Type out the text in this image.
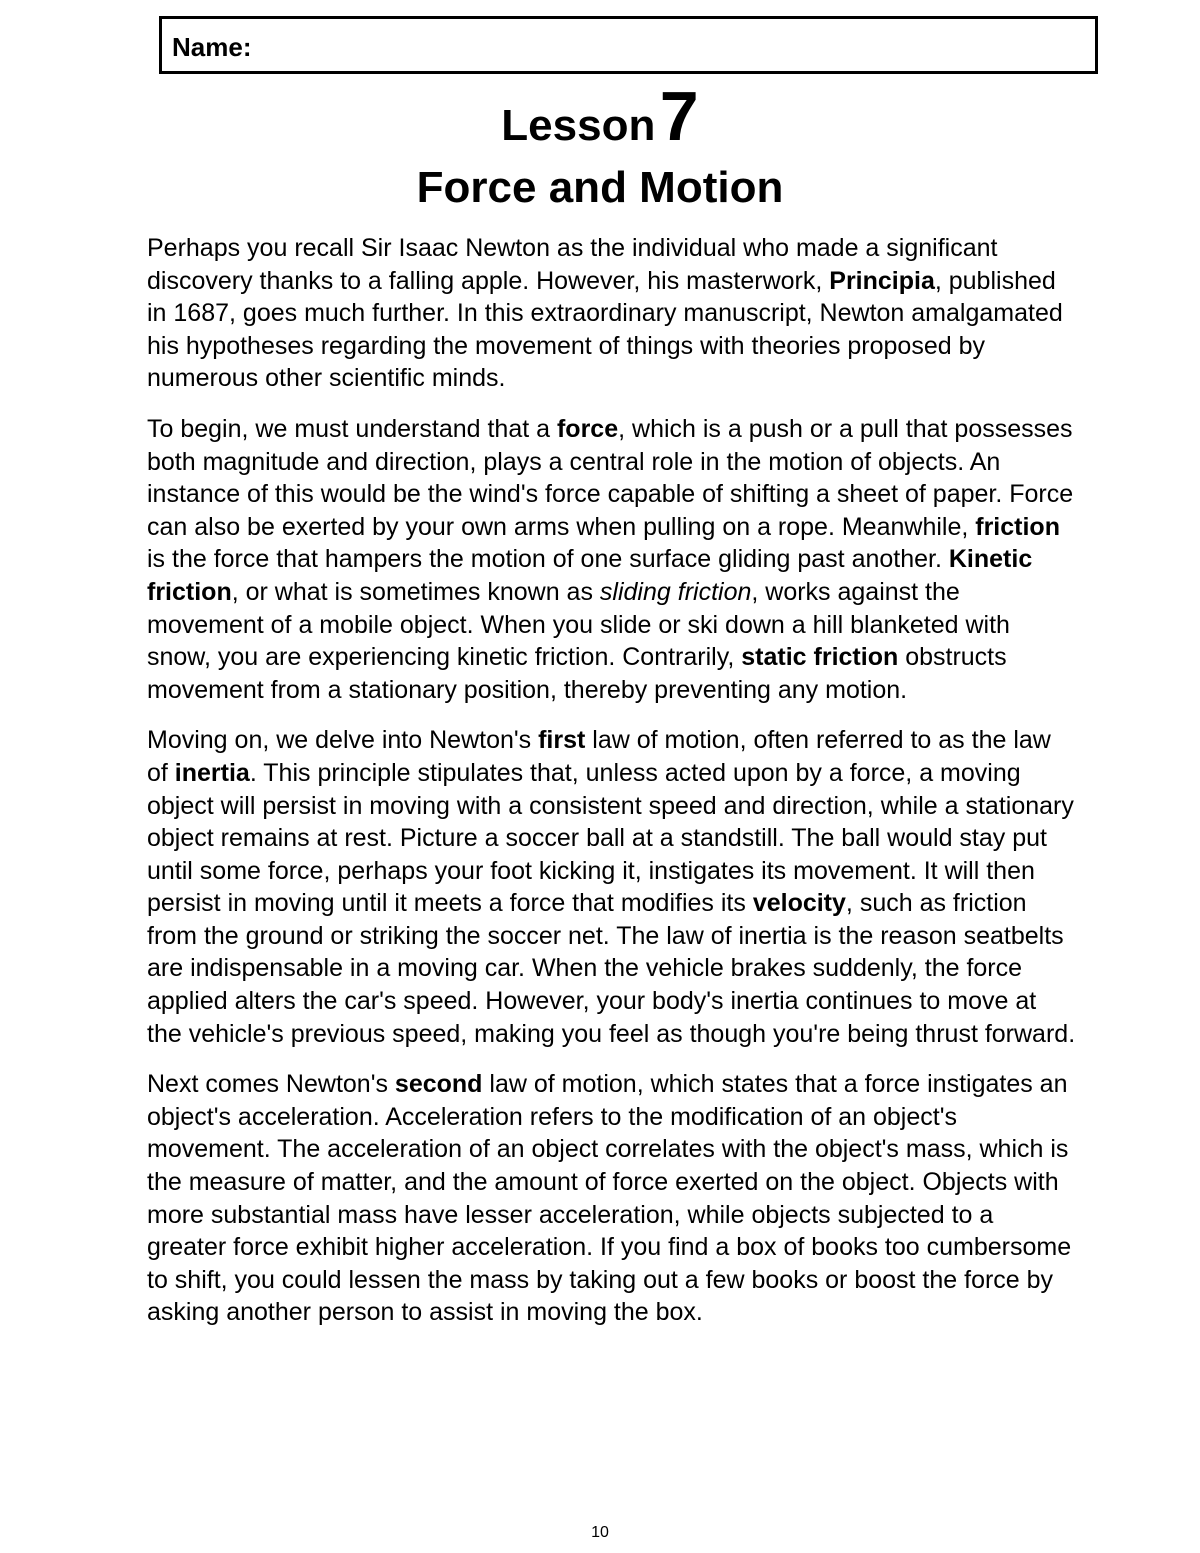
Name:
Lesson 7
Force and Motion

Perhaps you recall Sir Isaac Newton as the individual who made a significant discovery thanks to a falling apple. However, his masterwork, Principia, published in 1687, goes much further. In this extraordinary manuscript, Newton amalgamated his hypotheses regarding the movement of things with theories proposed by numerous other scientific minds.

To begin, we must understand that a force, which is a push or a pull that possesses both magnitude and direction, plays a central role in the motion of objects. An instance of this would be the wind's force capable of shifting a sheet of paper. Force can also be exerted by your own arms when pulling on a rope. Meanwhile, friction is the force that hampers the motion of one surface gliding past another. Kinetic friction, or what is sometimes known as sliding friction, works against the movement of a mobile object. When you slide or ski down a hill blanketed with snow, you are experiencing kinetic friction. Contrarily, static friction obstructs movement from a stationary position, thereby preventing any motion.

Moving on, we delve into Newton's first law of motion, often referred to as the law of inertia. This principle stipulates that, unless acted upon by a force, a moving object will persist in moving with a consistent speed and direction, while a stationary object remains at rest. Picture a soccer ball at a standstill. The ball would stay put until some force, perhaps your foot kicking it, instigates its movement. It will then persist in moving until it meets a force that modifies its velocity, such as friction from the ground or striking the soccer net. The law of inertia is the reason seatbelts are indispensable in a moving car. When the vehicle brakes suddenly, the force applied alters the car's speed. However, your body's inertia continues to move at the vehicle's previous speed, making you feel as though you're being thrust forward.

Next comes Newton's second law of motion, which states that a force instigates an object's acceleration. Acceleration refers to the modification of an object's movement. The acceleration of an object correlates with the object's mass, which is the measure of matter, and the amount of force exerted on the object. Objects with more substantial mass have lesser acceleration, while objects subjected to a greater force exhibit higher acceleration. If you find a box of books too cumbersome to shift, you could lessen the mass by taking out a few books or boost the force by asking another person to assist in moving the box.

10
